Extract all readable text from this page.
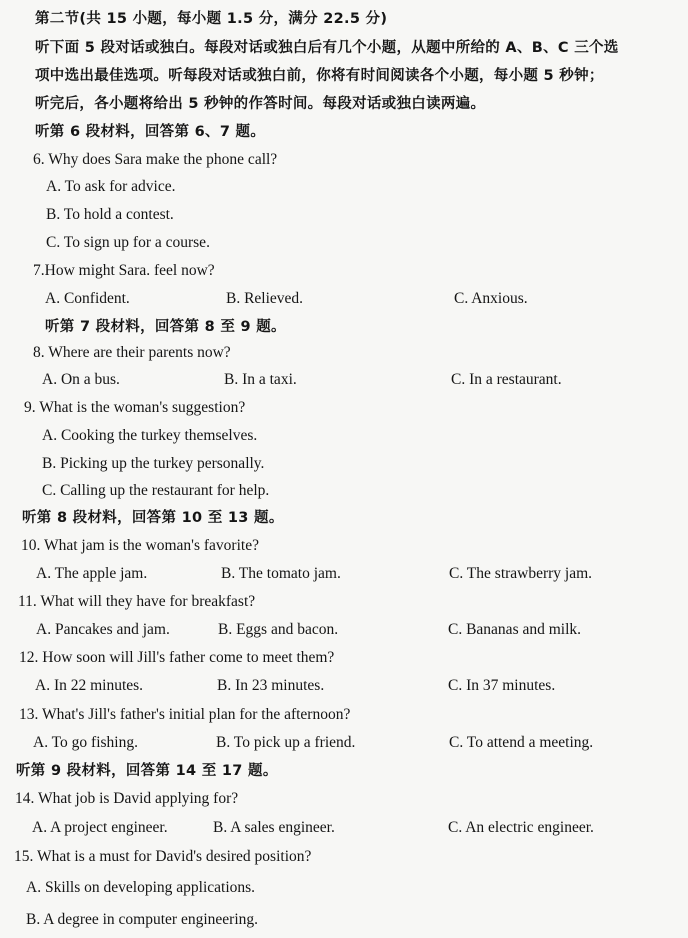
第二节(共 15 小题，每小题 1.5 分，满分 22.5 分)
听下面 5 段对话或独白。每段对话或独白后有几个小题，从题中所给的 A、B、C 三个选
项中选出最佳选项。听每段对话或独白前，你将有时间阅读各个小题，每小题 5 秒钟；
听完后，各小题将给出 5 秒钟的作答时间。每段对话或独白读两遍。
听第 6 段材料，回答第 6、7 题。
6. Why does Sara make the phone call?
A. To ask for advice.
B. To hold a contest.
C. To sign up for a course.
7.How might Sara. feel now?
A. Confident.	B. Relieved.	C. Anxious.
听第 7 段材料，回答第 8 至 9 题。
8. Where are their parents now?
A. On a bus.	B. In a taxi.	C. In a restaurant.
9. What is the woman's suggestion?
A. Cooking the turkey themselves.
B. Picking up the turkey personally.
C. Calling up the restaurant for help.
听第 8 段材料，回答第 10 至 13 题。
10. What jam is the woman's favorite?
A. The apple jam.	B. The tomato jam.	C. The strawberry jam.
11. What will they have for breakfast?
A. Pancakes and jam.	B. Eggs and bacon.	C. Bananas and milk.
12. How soon will Jill's father come to meet them?
A. In 22 minutes.	B. In 23 minutes.	C. In 37 minutes.
13. What's Jill's father's initial plan for the afternoon?
A. To go fishing.	B. To pick up a friend.	C. To attend a meeting.
听第 9 段材料，回答第 14 至 17 题。
14. What job is David applying for?
A. A project engineer.	B. A sales engineer.	C. An electric engineer.
15. What is a must for David's desired position?
A. Skills on developing applications.
B. A degree in computer engineering.
